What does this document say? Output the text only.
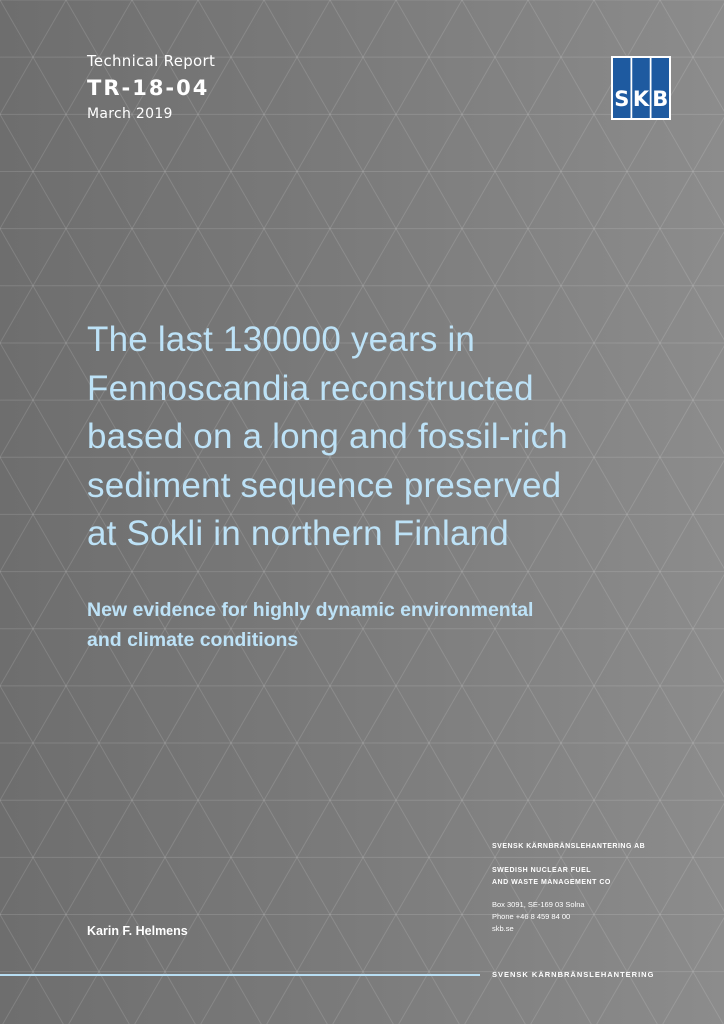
Technical Report
TR-18-04
March 2019
S K B
The last 130000 years in
Fennoscandia reconstructed
based on a long and fossil-rich
sediment sequence preserved
at Sokli in northern Finland
New evidence for highly dynamic environmental
and climate conditions
Karin F. Helmens
SVENSK KÄRNBRÄNSLEHANTERING AB
SWEDISH NUCLEAR FUEL
AND WASTE MANAGEMENT CO
Box 3091, SE-169 03 Solna
Phone +46 8 459 84 00
skb.se
SVENSK KÄRNBRÄNSLEHANTERING
